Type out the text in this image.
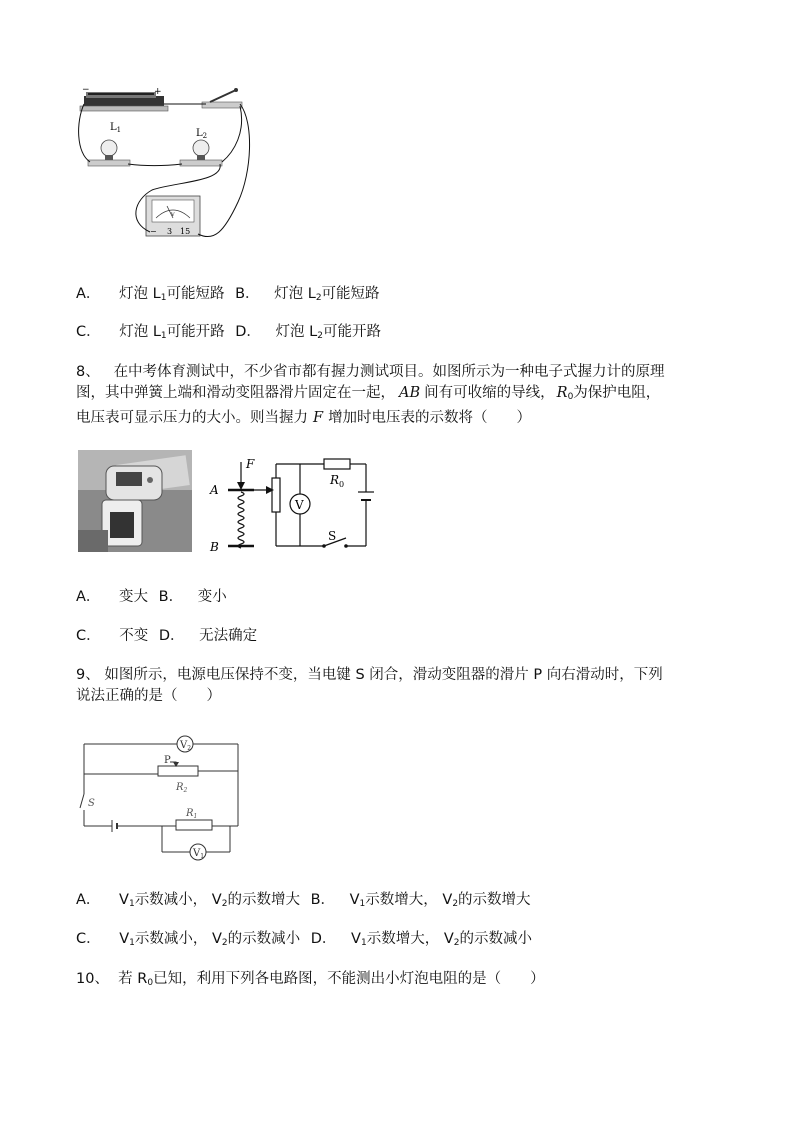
−	+
$L_1$	$L_2$
V
− 3 15
A． 灯泡 $L_1$可能短路 B． 灯泡 $L_2$可能短路
C． 灯泡 $L_1$可能开路 D． 灯泡 $L_2$可能开路
8、 在中考体育测试中，不少省市都有握力测试项目。如图所示为一种电子式握力计的原理
图，其中弹簧上端和滑动变阻器滑片固定在一起， AB 间有可收缩的导线， $R_0$为保护电阻，
电压表可显示压力的大小。则当握力 F 增加时电压表的示数将（　　）
F
A
B
$R_0$
V
S
A． 变大 B． 变小
C． 不变 D． 无法确定
9、 如图所示，电源电压保持不变，当电键 S 闭合，滑动变阻器的滑片 P 向右滑动时，下列
说法正确的是（　　）
$V_2$
P
$R_2$
S
$R_1$
$V_1$
A． $V_1$示数减小， $V_2$的示数增大 B． $V_1$示数增大， $V_2$的示数增大
C． $V_1$示数减小， $V_2$的示数减小 D． $V_1$示数增大， $V_2$的示数减小
10、 若 $R_0$已知，利用下列各电路图，不能测出小灯泡电阻的是（　　）
